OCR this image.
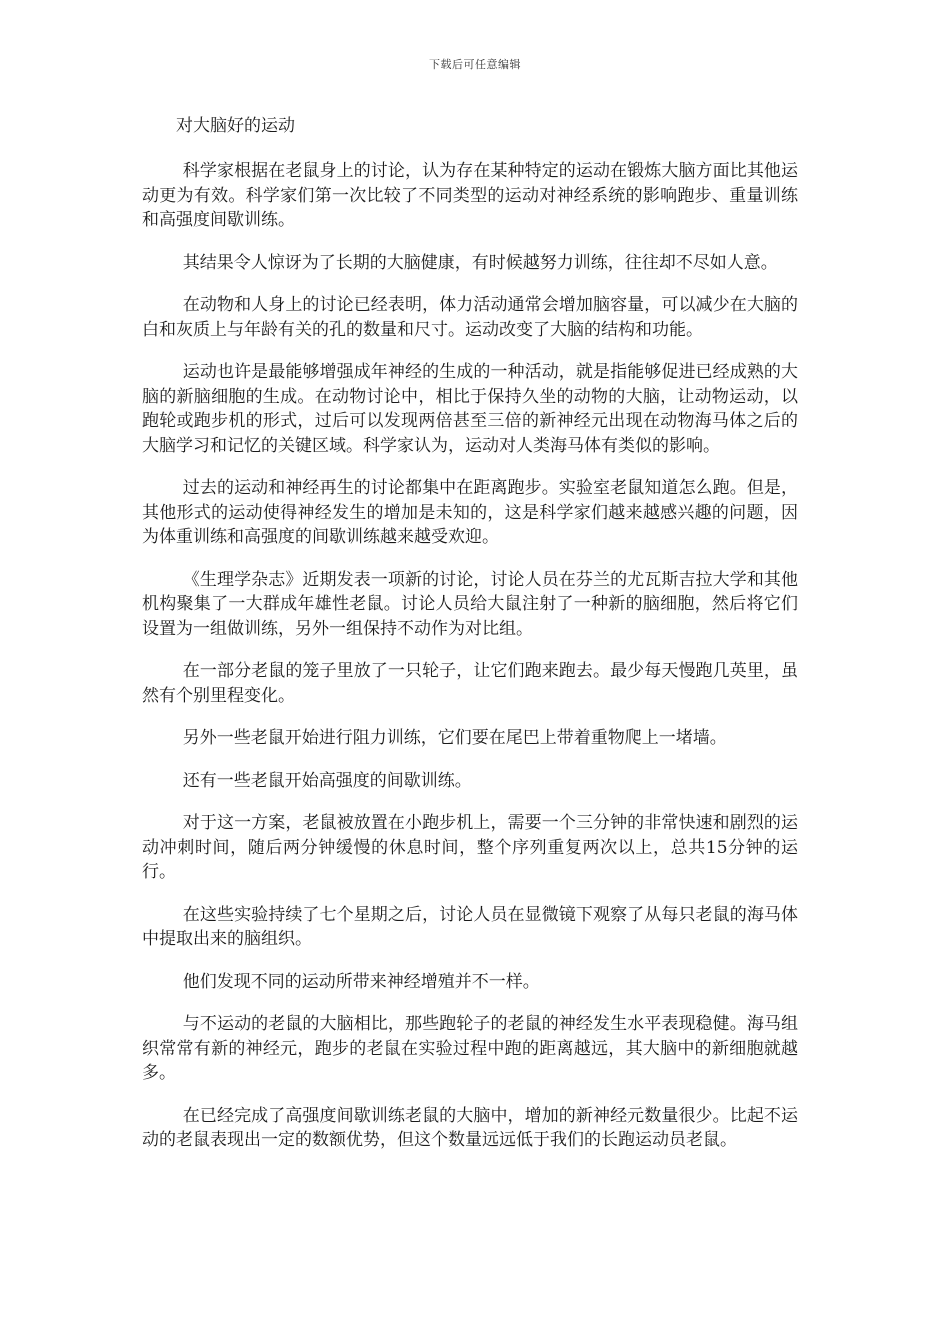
下载后可任意编辑
对大脑好的运动

科学家根据在老鼠身上的讨论，认为存在某种特定的运动在锻炼大脑方面比其他运动更为有效。科学家们第一次比较了不同类型的运动对神经系统的影响跑步、重量训练和高强度间歇训练。

其结果令人惊讶为了长期的大脑健康，有时候越努力训练，往往却不尽如人意。

在动物和人身上的讨论已经表明，体力活动通常会增加脑容量，可以减少在大脑的白和灰质上与年龄有关的孔的数量和尺寸。运动改变了大脑的结构和功能。

运动也许是最能够增强成年神经的生成的一种活动，就是指能够促进已经成熟的大脑的新脑细胞的生成。在动物讨论中，相比于保持久坐的动物的大脑，让动物运动，以跑轮或跑步机的形式，过后可以发现两倍甚至三倍的新神经元出现在动物海马体之后的大脑学习和记忆的关键区域。科学家认为，运动对人类海马体有类似的影响。

过去的运动和神经再生的讨论都集中在距离跑步。实验室老鼠知道怎么跑。但是，其他形式的运动使得神经发生的增加是未知的，这是科学家们越来越感兴趣的问题，因为体重训练和高强度的间歇训练越来越受欢迎。

《生理学杂志》近期发表一项新的讨论，讨论人员在芬兰的尤瓦斯吉拉大学和其他机构聚集了一大群成年雄性老鼠。讨论人员给大鼠注射了一种新的脑细胞，然后将它们设置为一组做训练，另外一组保持不动作为对比组。

在一部分老鼠的笼子里放了一只轮子，让它们跑来跑去。最少每天慢跑几英里，虽然有个别里程变化。

另外一些老鼠开始进行阻力训练，它们要在尾巴上带着重物爬上一堵墙。

还有一些老鼠开始高强度的间歇训练。

对于这一方案，老鼠被放置在小跑步机上，需要一个三分钟的非常快速和剧烈的运动冲刺时间，随后两分钟缓慢的休息时间，整个序列重复两次以上，总共15分钟的运行。

在这些实验持续了七个星期之后，讨论人员在显微镜下观察了从每只老鼠的海马体中提取出来的脑组织。

他们发现不同的运动所带来神经增殖并不一样。

与不运动的老鼠的大脑相比，那些跑轮子的老鼠的神经发生水平表现稳健。海马组织常常有新的神经元，跑步的老鼠在实验过程中跑的距离越远，其大脑中的新细胞就越多。

在已经完成了高强度间歇训练老鼠的大脑中，增加的新神经元数量很少。比起不运动的老鼠表现出一定的数额优势，但这个数量远远低于我们的长跑运动员老鼠。
